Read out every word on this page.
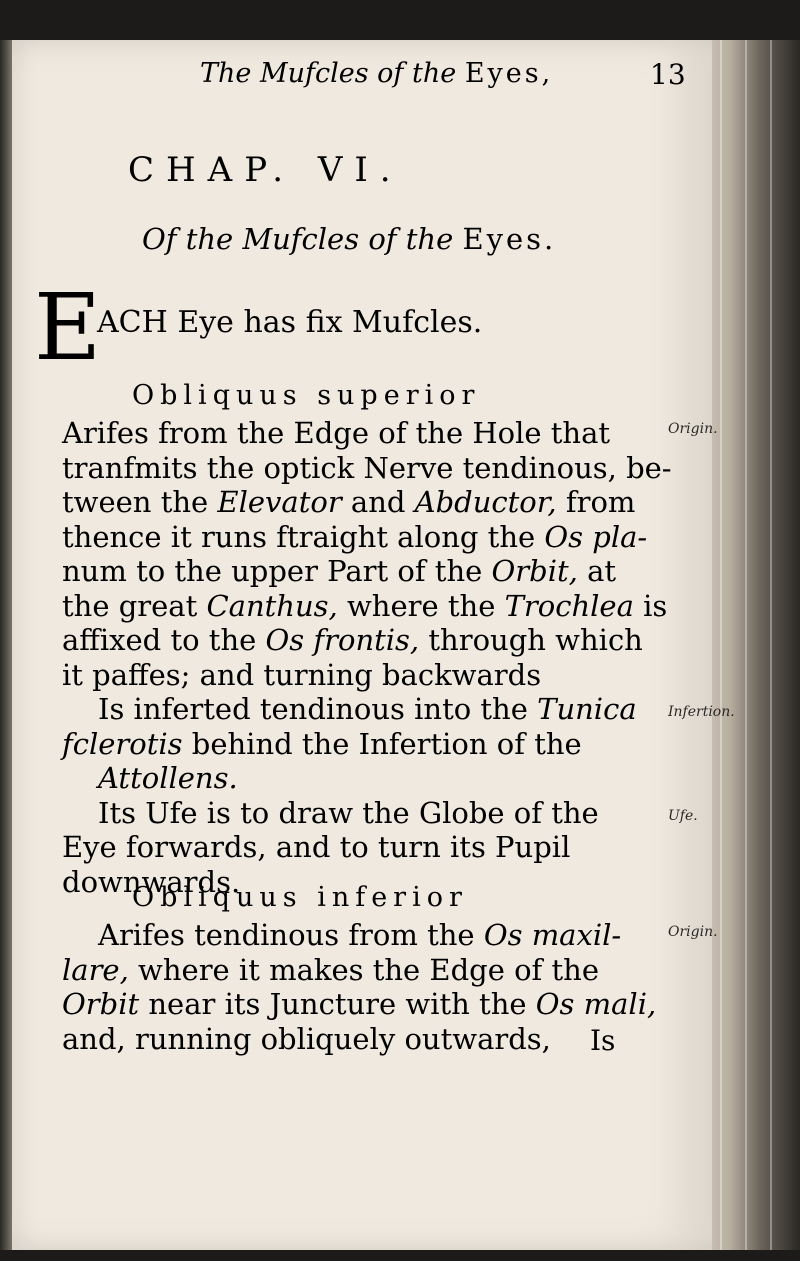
The Mufcles of the Eyes,	13
CHAP. VI.
Of the Mufcles of the Eyes.
E
ACH Eye has fix Mufcles.
Obliquus superior

Arifes from the Edge of the Hole that

tranfmits the optick Nerve tendinous, be-

tween the Elevator and Abductor, from

thence it runs ftraight along the Os pla-

num to the upper Part of the Orbit, at

the great Canthus, where the Trochlea is

affixed to the Os frontis, through which

it paffes; and turning backwards

Is inferted tendinous into the Tunica

fclerotis behind the Infertion of the

Attollens.

Its Ufe is to draw the Globe of the

Eye forwards, and to turn its Pupil

downwards.

Origin.
Infertion.
Ufe.
Obliquus inferior

Arifes tendinous from the Os maxil-

lare, where it makes the Edge of the

Orbit near its Juncture with the Os mali,

and, running obliquely outwards,

Origin.
Is
